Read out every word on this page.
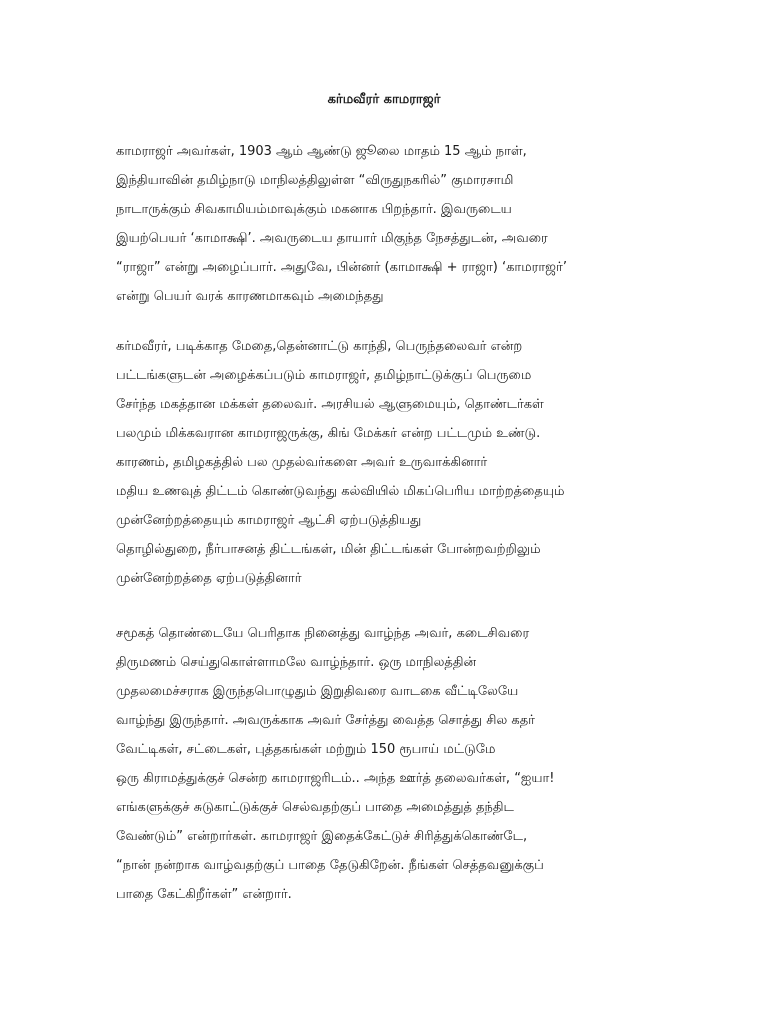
கர்மவீரர் காமராஜர்
காமராஜர் அவர்கள், 1903 ஆம் ஆண்டு ஜூலை மாதம் 15 ஆம் நாள்,
இந்தியாவின் தமிழ்நாடு மாநிலத்திலுள்ள “விருதுநகரில்” குமாரசாமி
நாடாருக்கும் சிவகாமியம்மாவுக்கும் மகனாக பிறந்தார். இவருடைய
இயற்பெயர் ‘காமாக்ஷி’. அவருடைய தாயார் மிகுந்த நேசத்துடன், அவரை
“ராஜா” என்று அழைப்பார். அதுவே, பின்னர் (காமாக்ஷி + ராஜா) ‘காமராஜர்’
என்று பெயர் வரக் காரணமாகவும் அமைந்தது
கர்மவீரர், படிக்காத மேதை,தென்னாட்டு காந்தி, பெருந்தலைவர் என்ற
பட்டங்களுடன் அழைக்கப்படும் காமராஜர், தமிழ்நாட்டுக்குப் பெருமை
சேர்ந்த மகத்தான மக்கள் தலைவர். அரசியல் ஆளுமையும், தொண்டர்கள்
பலமும் மிக்கவரான காமராஜருக்கு, கிங் மேக்கர் என்ற பட்டமும் உண்டு.
காரணம், தமிழகத்தில் பல முதல்வர்களை அவர் உருவாக்கினார்
மதிய உணவுத் திட்டம் கொண்டுவந்து கல்வியில் மிகப்பெரிய மாற்றத்தையும்
முன்னேற்றத்தையும் காமராஜர் ஆட்சி ஏற்படுத்தியது
தொழில்துறை, நீர்பாசனத் திட்டங்கள், மின் திட்டங்கள் போன்றவற்றிலும்
முன்னேற்றத்தை ஏற்படுத்தினார்
சமூகத் தொண்டையே பெரிதாக நினைத்து வாழ்ந்த அவர், கடைசிவரை
திருமணம் செய்துகொள்ளாமலே வாழ்ந்தார். ஒரு மாநிலத்தின்
முதலமைச்சராக இருந்தபொழுதும் இறுதிவரை வாடகை வீட்டிலேயே
வாழ்ந்து இருந்தார். அவருக்காக அவர் சேர்த்து வைத்த சொத்து சில கதர்
வேட்டிகள், சட்டைகள், புத்தகங்கள் மற்றும் 150 ரூபாய் மட்டுமே
ஒரு கிராமத்துக்குச் சென்ற காமராஜரிடம்.. அந்த ஊர்த் தலைவர்கள், “ஐயா!
எங்களுக்குச் சுடுகாட்டுக்குச் செல்வதற்குப் பாதை அமைத்துத் தந்திட
வேண்டும்” என்றார்கள். காமராஜர் இதைக்கேட்டுச் சிரித்துக்கொண்டே,
“நான் நன்றாக வாழ்வதற்குப் பாதை தேடுகிறேன். நீங்கள் செத்தவனுக்குப்
பாதை கேட்கிறீர்கள்” என்றார்.
